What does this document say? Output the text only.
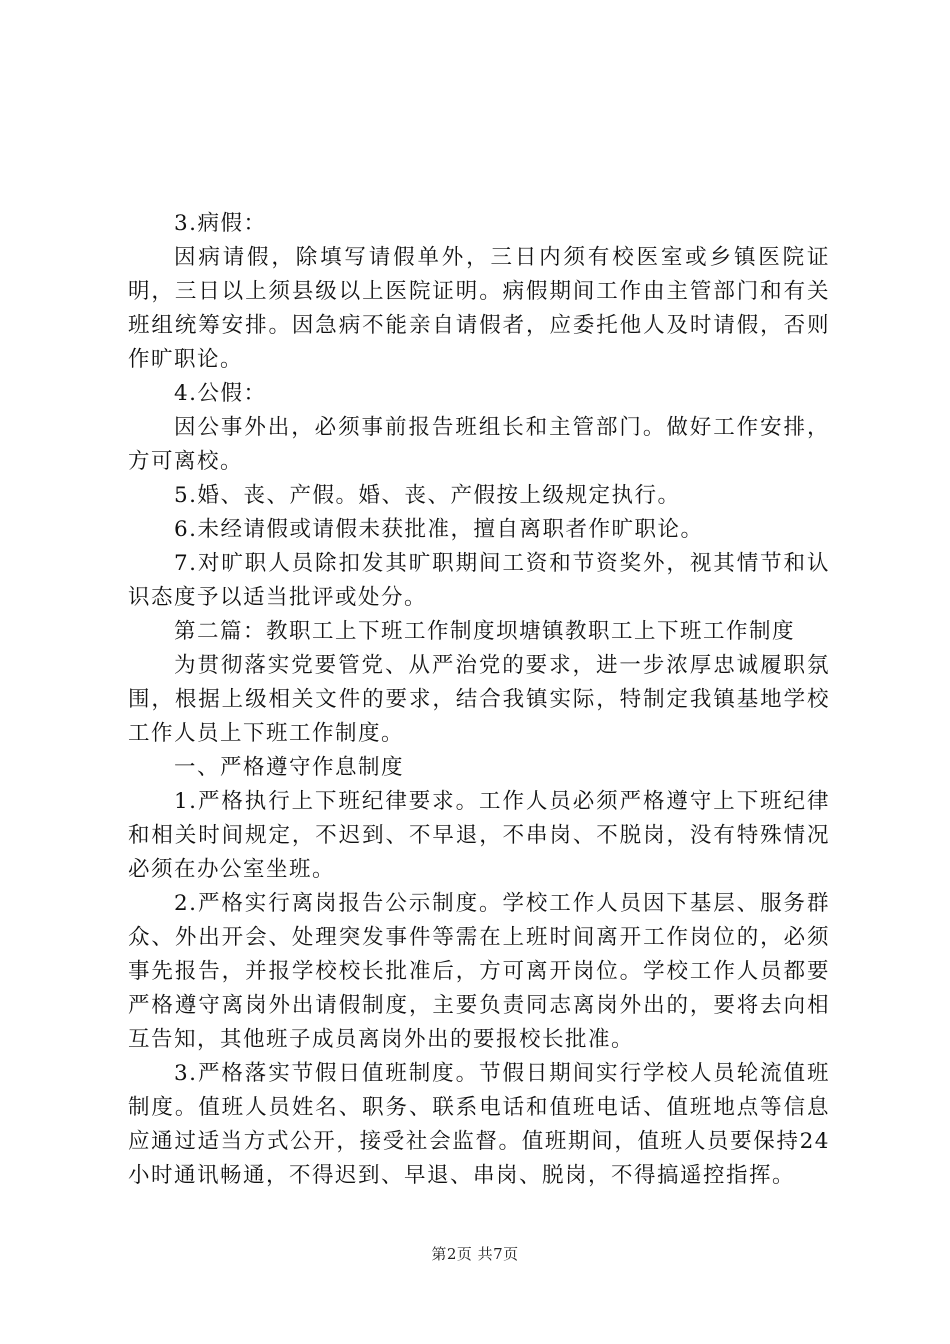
3.病假：

因病请假，除填写请假单外，三日内须有校医室或乡镇医院证明，三日以上须县级以上医院证明。病假期间工作由主管部门和有关班组统筹安排。因急病不能亲自请假者，应委托他人及时请假，否则作旷职论。

4.公假：

因公事外出，必须事前报告班组长和主管部门。做好工作安排，方可离校。

5.婚、丧、产假。婚、丧、产假按上级规定执行。

6.未经请假或请假未获批准，擅自离职者作旷职论。

7.对旷职人员除扣发其旷职期间工资和节资奖外，视其情节和认识态度予以适当批评或处分。

第二篇：教职工上下班工作制度坝塘镇教职工上下班工作制度

为贯彻落实党要管党、从严治党的要求，进一步浓厚忠诚履职氛围，根据上级相关文件的要求，结合我镇实际，特制定我镇基地学校工作人员上下班工作制度。

一、严格遵守作息制度

1.严格执行上下班纪律要求。工作人员必须严格遵守上下班纪律和相关时间规定，不迟到、不早退，不串岗、不脱岗，没有特殊情况必须在办公室坐班。

2.严格实行离岗报告公示制度。学校工作人员因下基层、服务群众、外出开会、处理突发事件等需在上班时间离开工作岗位的，必须事先报告，并报学校校长批准后，方可离开岗位。学校工作人员都要严格遵守离岗外出请假制度，主要负责同志离岗外出的，要将去向相互告知，其他班子成员离岗外出的要报校长批准。

3.严格落实节假日值班制度。节假日期间实行学校人员轮流值班制度。值班人员姓名、职务、联系电话和值班电话、值班地点等信息应通过适当方式公开，接受社会监督。值班期间，值班人员要保持24小时通讯畅通，不得迟到、早退、串岗、脱岗，不得搞遥控指挥。

第2页 共7页
